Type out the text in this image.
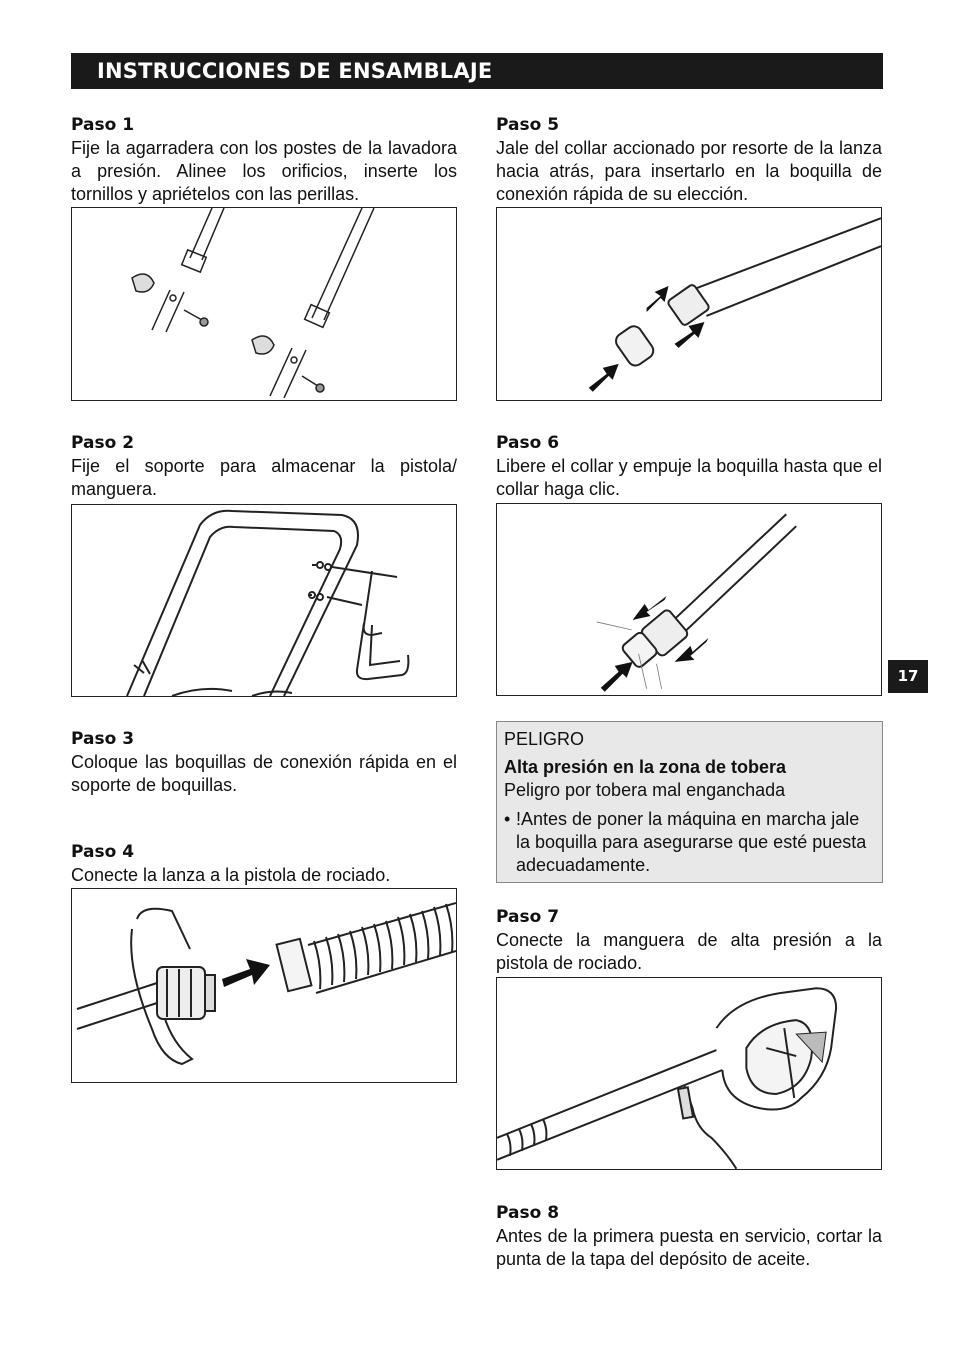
INSTRUCCIONES DE ENSAMBLAJE
Paso 1
Fije la agarradera con los postes de la lavadora a presión. Alinee los orificios, inserte los tornillos y apriételos con las perillas.
Paso 2
Fije el soporte para almacenar la pistola/ manguera.
Paso 3
Coloque las boquillas de conexión rápida en el soporte de boquillas.
Paso 4
Conecte la lanza a la pistola de rociado.
Paso 5
Jale del collar accionado por resorte de la lanza hacia atrás, para insertarlo en la boquilla de conexión rápida de su elección.
Paso 6
Libere el collar y empuje la boquilla hasta que el collar haga clic.
17
PELIGRO
Alta presión en la zona de tobera
Peligro por tobera mal enganchada
• !Antes de poner la máquina en marcha jale la boquilla para asegurarse que esté puesta adecuadamente.
Paso 7
Conecte la manguera de alta presión a la pistola de rociado.
Paso 8
Antes de la primera puesta en servicio, cortar la punta de la tapa del depósito de aceite.
